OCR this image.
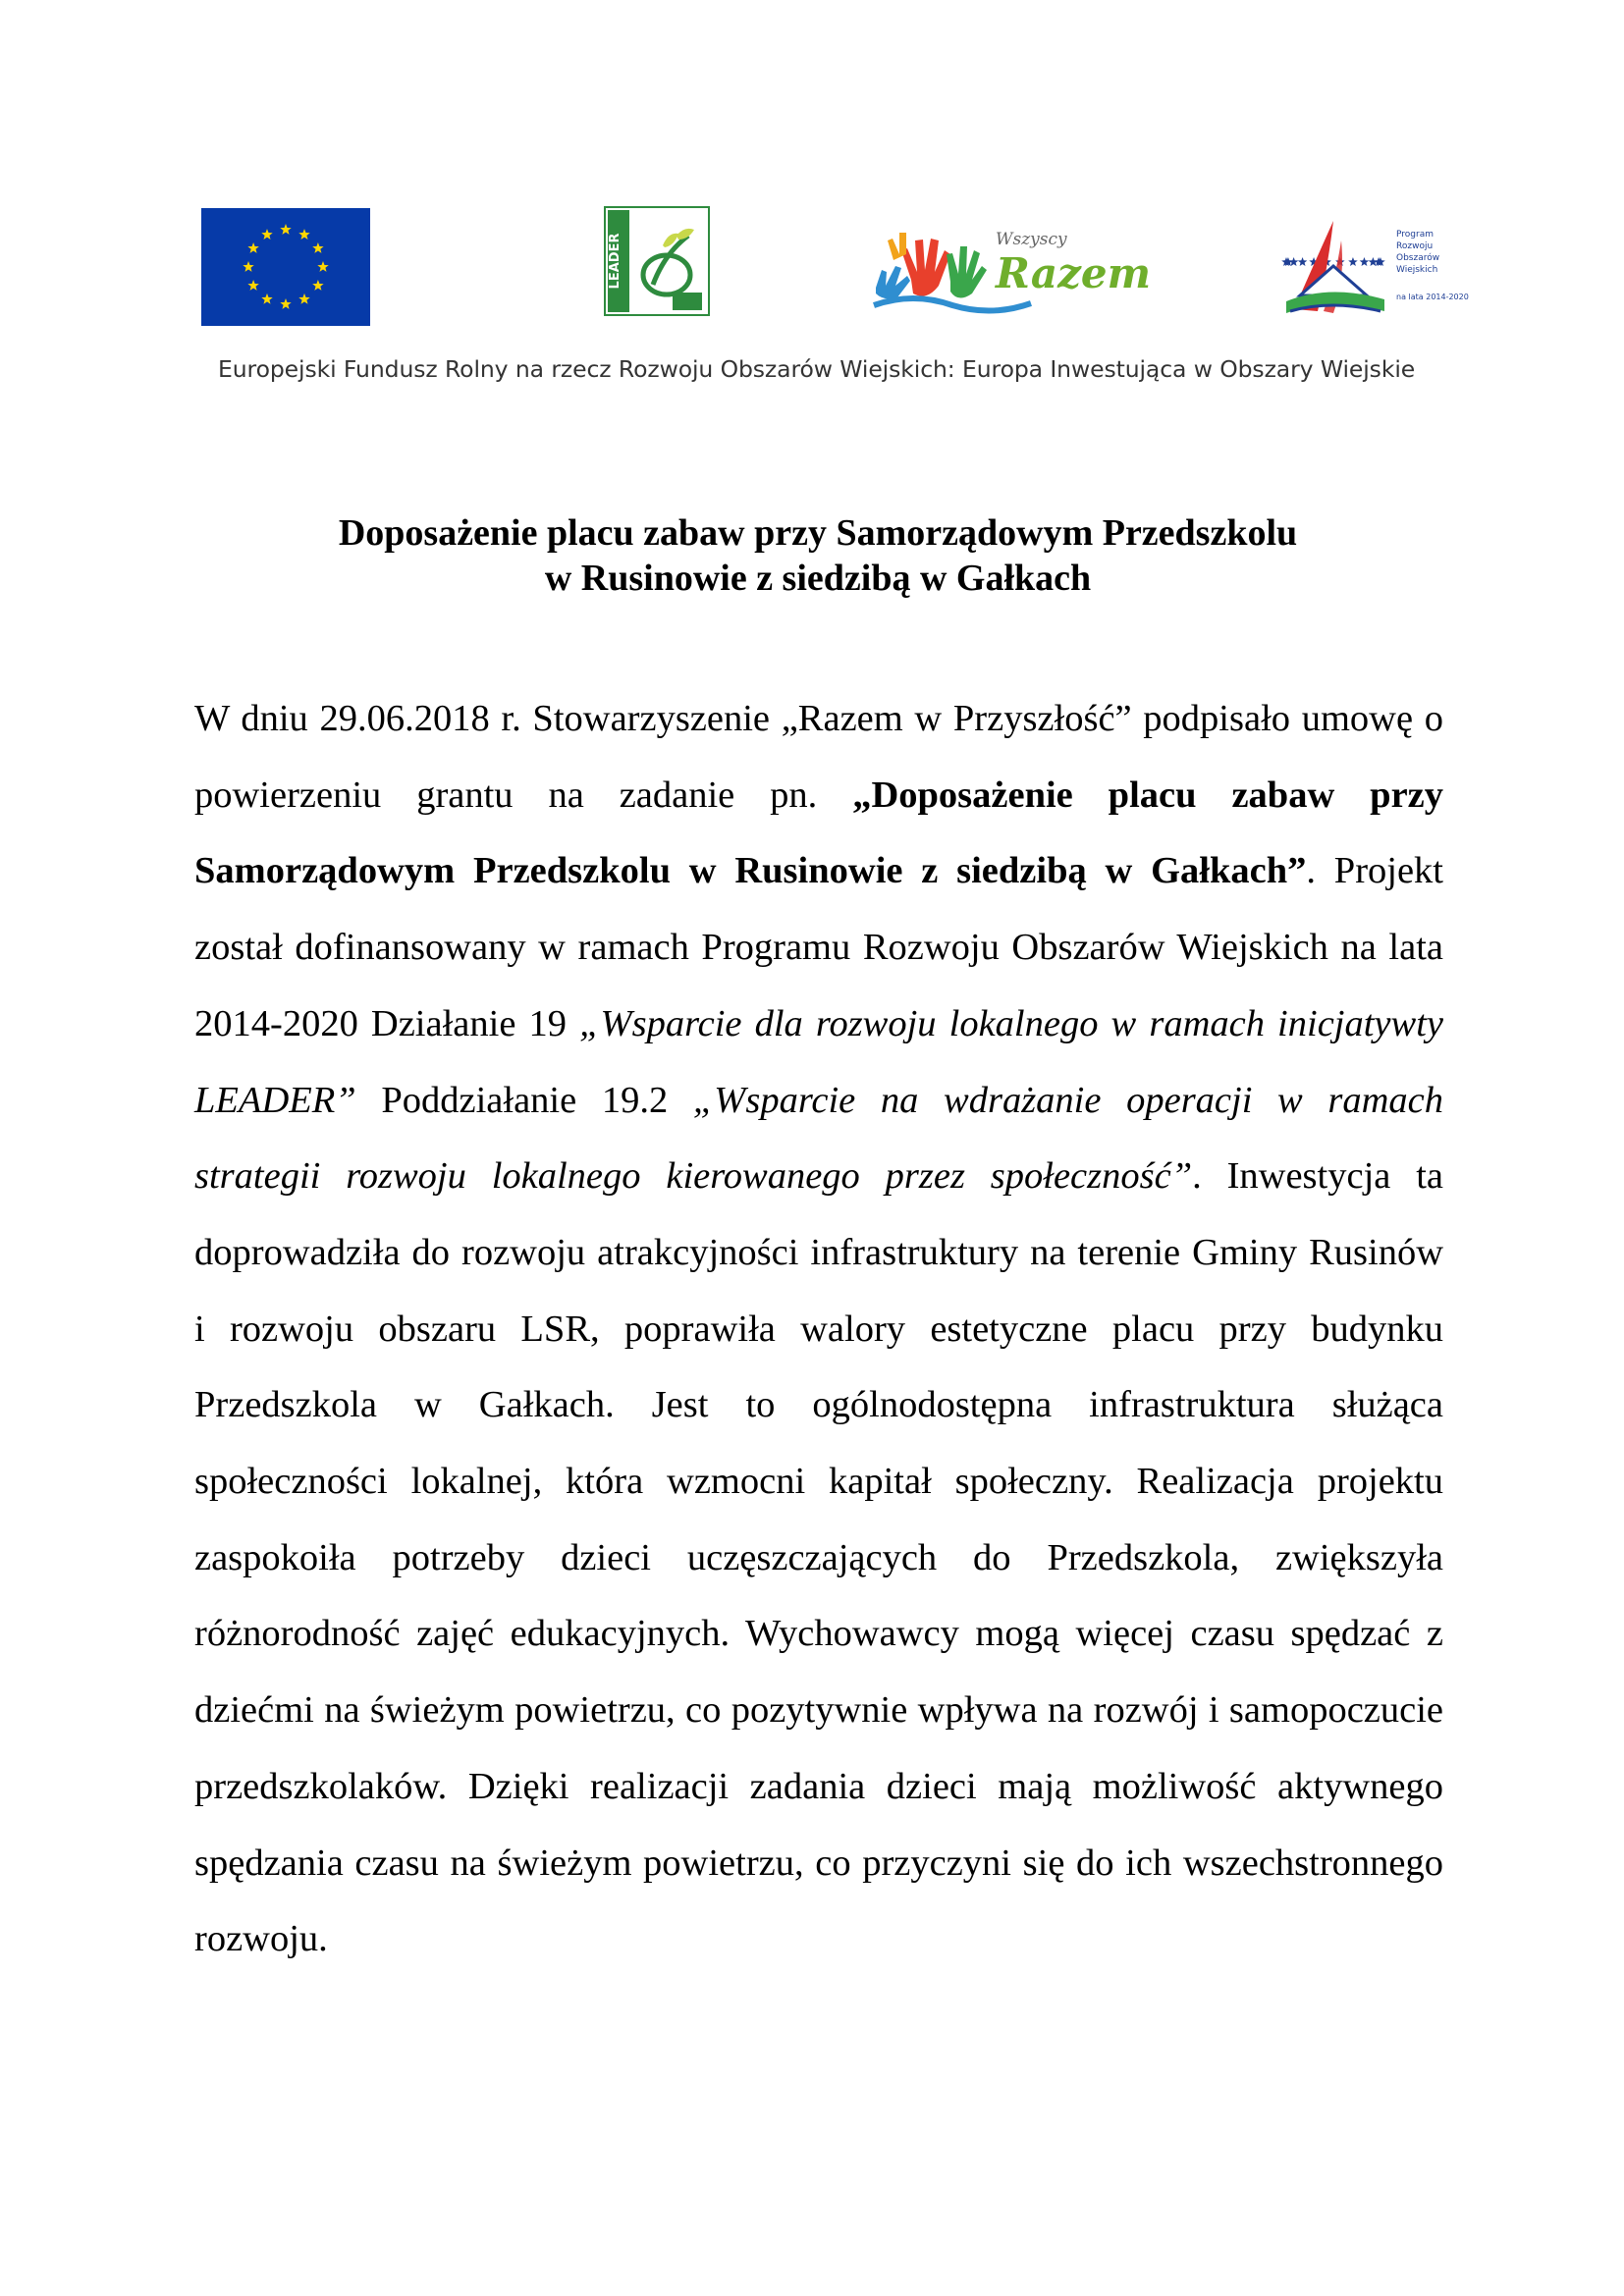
LEADER	Wszyscy
Razem
Program
Rozwoju
Obszarów
Wiejskich
na lata 2014-2020
Europejski Fundusz Rolny na rzecz Rozwoju Obszarów Wiejskich: Europa Inwestująca w Obszary Wiejskie
Doposażenie placu zabaw przy Samorządowym Przedszkolu
w Rusinowie z siedzibą w Gałkach

W dniu 29.06.2018 r. Stowarzyszenie „Razem w Przyszłość” podpisało umowę o powierzeniu grantu na zadanie pn. „Doposażenie placu zabaw przy Samorządowym Przedszkolu w Rusinowie z siedzibą w Gałkach”. Projekt został dofinansowany w ramach Programu Rozwoju Obszarów Wiejskich na lata 2014-2020 Działanie 19 „Wsparcie dla rozwoju lokalnego w ramach inicjatywty LEADER” Poddziałanie 19.2 „Wsparcie na wdrażanie operacji w ramach strategii rozwoju lokalnego kierowanego przez społeczność”. Inwestycja ta doprowadziła do rozwoju atrakcyjności infrastruktury na terenie Gminy Rusinów i rozwoju obszaru LSR, poprawiła walory estetyczne placu przy budynku Przedszkola w Gałkach. Jest to ogólnodostępna infrastruktura służąca społeczności lokalnej, która wzmocni kapitał społeczny. Realizacja projektu zaspokoiła potrzeby dzieci uczęszczających do Przedszkola, zwiększyła różnorodność zajęć edukacyjnych. Wychowawcy mogą więcej czasu spędzać z dziećmi na świeżym powietrzu, co pozytywnie wpływa na rozwój i samopoczucie przedszkolaków. Dzięki realizacji zadania dzieci mają możliwość aktywnego spędzania czasu na świeżym powietrzu, co przyczyni się do ich wszechstronnego rozwoju.
